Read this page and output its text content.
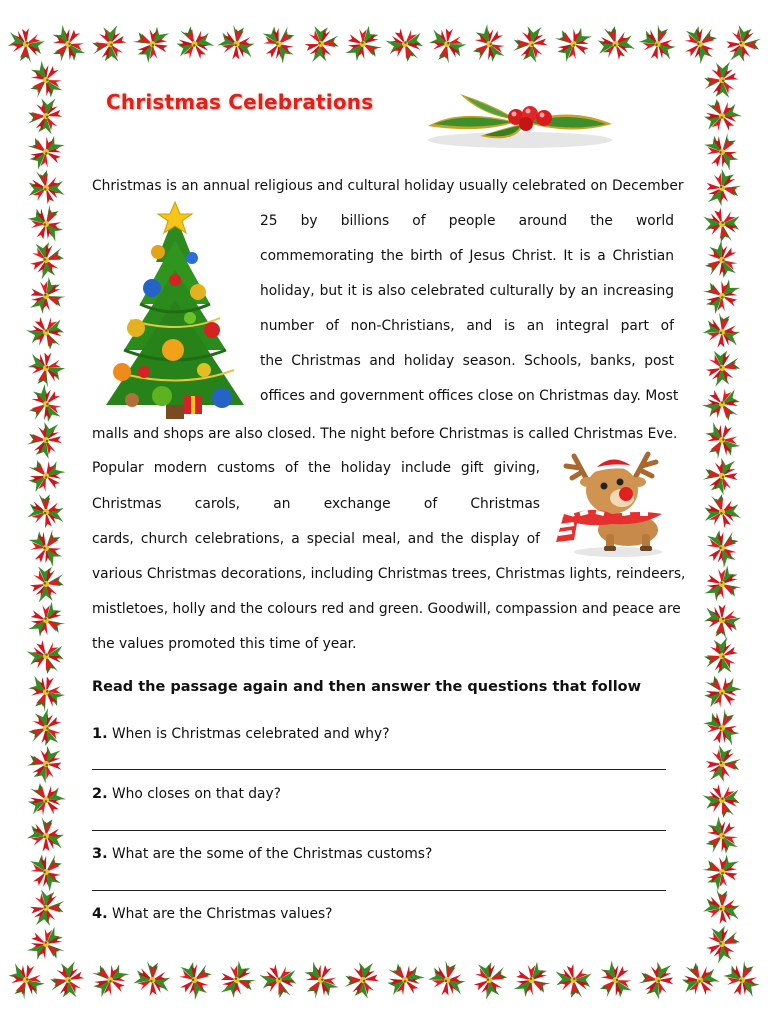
Christmas Celebrations
Christmas is an annual religious and cultural holiday usually celebrated on December
25 by billions of people around the world
commemorating the birth of Jesus Christ. It is a Christian
holiday, but it is also celebrated culturally by an increasing
number of non-Christians, and is an integral part of
the Christmas and holiday season. Schools, banks, post
offices and government offices close on Christmas day. Most
malls and shops are also closed. The night before Christmas is called Christmas Eve.
Popular modern customs of the holiday include gift giving,
Christmas carols, an exchange of Christmas
cards, church celebrations, a special meal, and the display of
various Christmas decorations, including Christmas trees, Christmas lights, reindeers,
mistletoes, holly and the colours red and green. Goodwill, compassion and peace are
the values promoted this time of year.
Read the passage again and then answer the questions that follow
1. When is Christmas celebrated and why?
2. Who closes on that day?
3. What are the some of the Christmas customs?
4. What are the Christmas values?
